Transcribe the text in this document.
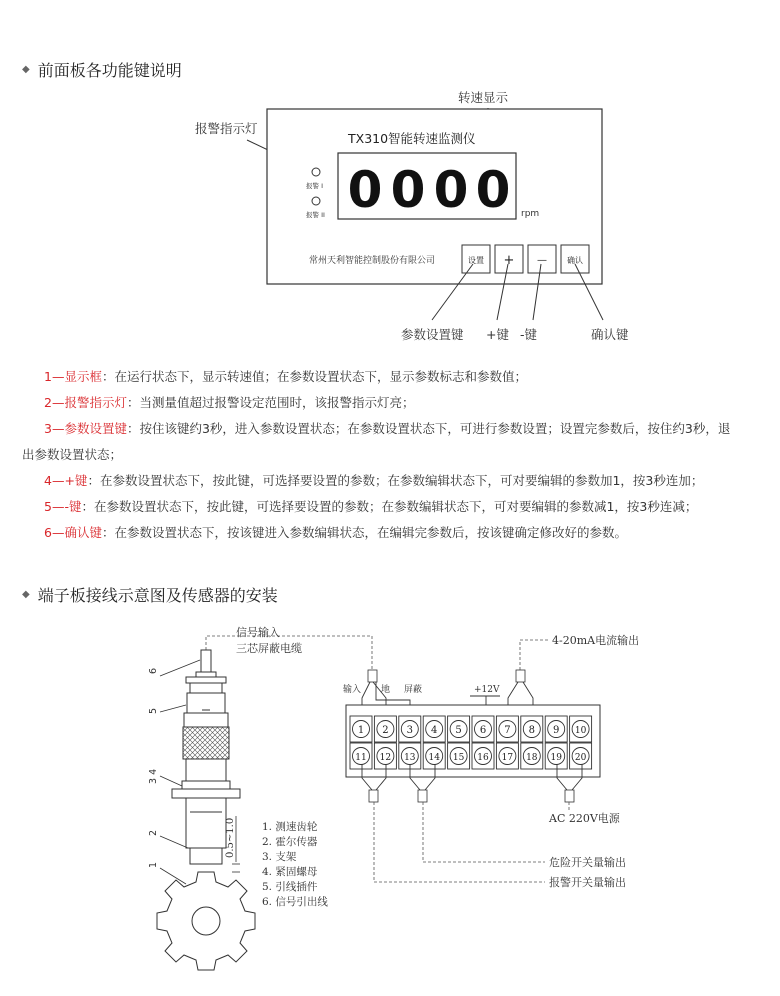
◆ 前面板各功能键说明
转速显示
报警指示灯
TX310智能转速监测仪
报警 I
报警 II 0 0 0 0 rpm
常州天利智能控制股份有限公司	设置 + —	确认
参数设置键 +键 -键	确认键
1—显示框：在运行状态下，显示转速值；在参数设置状态下，显示参数标志和参数值；
2—报警指示灯：当测量值超过报警设定范围时，该报警指示灯亮；
3—参数设置键：按住该键约3秒，进入参数设置状态；在参数设置状态下，可进行参数设置；设置完参数后，按住约3秒，退
出参数设置状态；
4—+键：在参数设置状态下，按此键，可选择要设置的参数；在参数编辑状态下，可对要编辑的参数加1，按3秒连加；
5—-键：在参数设置状态下，按此键，可选择要设置的参数；在参数编辑状态下，可对要编辑的参数减1，按3秒连减；
6—确认键：在参数设置状态下，按该键进入参数编辑状态，在编辑完参数后，按该键确定修改好的参数。
◆ 端子板接线示意图及传感器的安装
信号输入
三芯屏蔽电缆
0.5~1.0
6
5
3 4
2
1
1. 测速齿轮
2. 霍尔传器
3. 支架
4. 紧固螺母
5. 引线插件
6. 信号引出线
4-20mA电流输出
输入 地 屏蔽	+12V
1 2 3 4 5 6 7 8 9 10
11 12 13 14 15 16 17 18 19 20
AC 220V电源
危险开关量输出
报警开关量输出
